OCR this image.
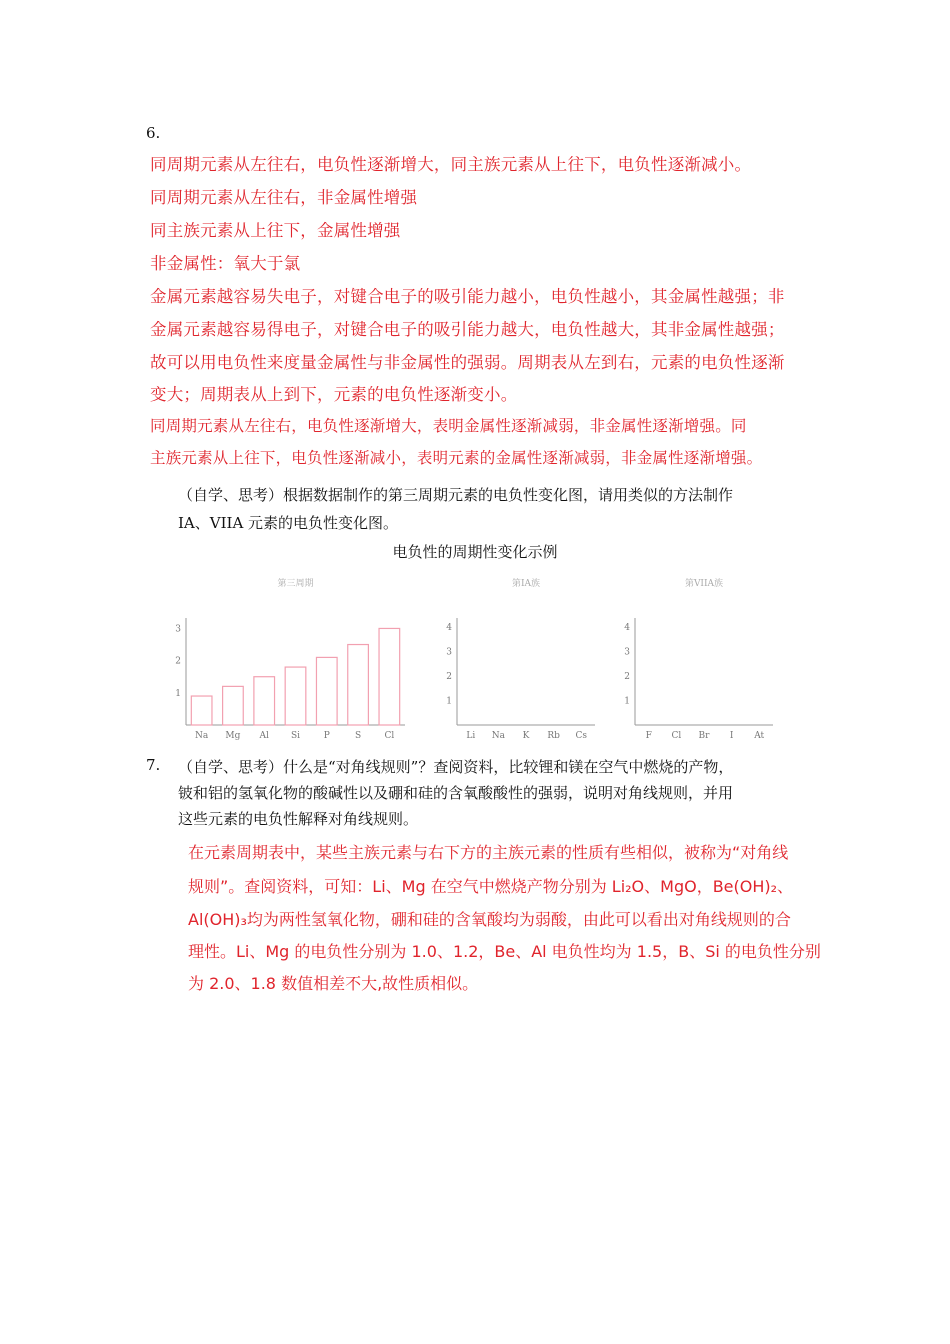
6.
同周期元素从左往右，电负性逐渐增大，同主族元素从上往下，电负性逐渐减小。
同周期元素从左往右，非金属性增强
同主族元素从上往下，金属性增强
非金属性：氧大于氯
金属元素越容易失电子，对键合电子的吸引能力越小，电负性越小，其金属性越强；非
金属元素越容易得电子，对键合电子的吸引能力越大，电负性越大，其非金属性越强；
故可以用电负性来度量金属性与非金属性的强弱。周期表从左到右，元素的电负性逐渐
变大；周期表从上到下，元素的电负性逐渐变小。
同周期元素从左往右，电负性逐渐增大，表明金属性逐渐减弱，非金属性逐渐增强。同
主族元素从上往下，电负性逐渐减小，表明元素的金属性逐渐减弱，非金属性逐渐增强。
（自学、思考）根据数据制作的第三周期元素的电负性变化图，请用类似的方法制作
IA、VIIA 元素的电负性变化图。
电负性的周期性变化示例
第三周期
1
2
3
Na Mg Al Si	P	S	Cl
第IA族
1
2
3
4
Li Na K Rb Cs
第VIIA族
1
2
3
4
F Cl Br I At
7. （自学、思考）什么是“对角线规则”？查阅资料，比较锂和镁在空气中燃烧的产物，
铍和铝的氢氧化物的酸碱性以及硼和硅的含氧酸酸性的强弱，说明对角线规则，并用
这些元素的电负性解释对角线规则。
在元素周期表中，某些主族元素与右下方的主族元素的性质有些相似，被称为“对角线
规则”。查阅资料，可知：Li、Mg 在空气中燃烧产物分别为 Li₂O、MgO，Be(OH)₂、
Al(OH)₃均为两性氢氧化物，硼和硅的含氧酸均为弱酸，由此可以看出对角线规则的合
理性。Li、Mg 的电负性分别为 1.0、1.2，Be、Al 电负性均为 1.5，B、Si 的电负性分别
为 2.0、1.8 数值相差不大,故性质相似。
